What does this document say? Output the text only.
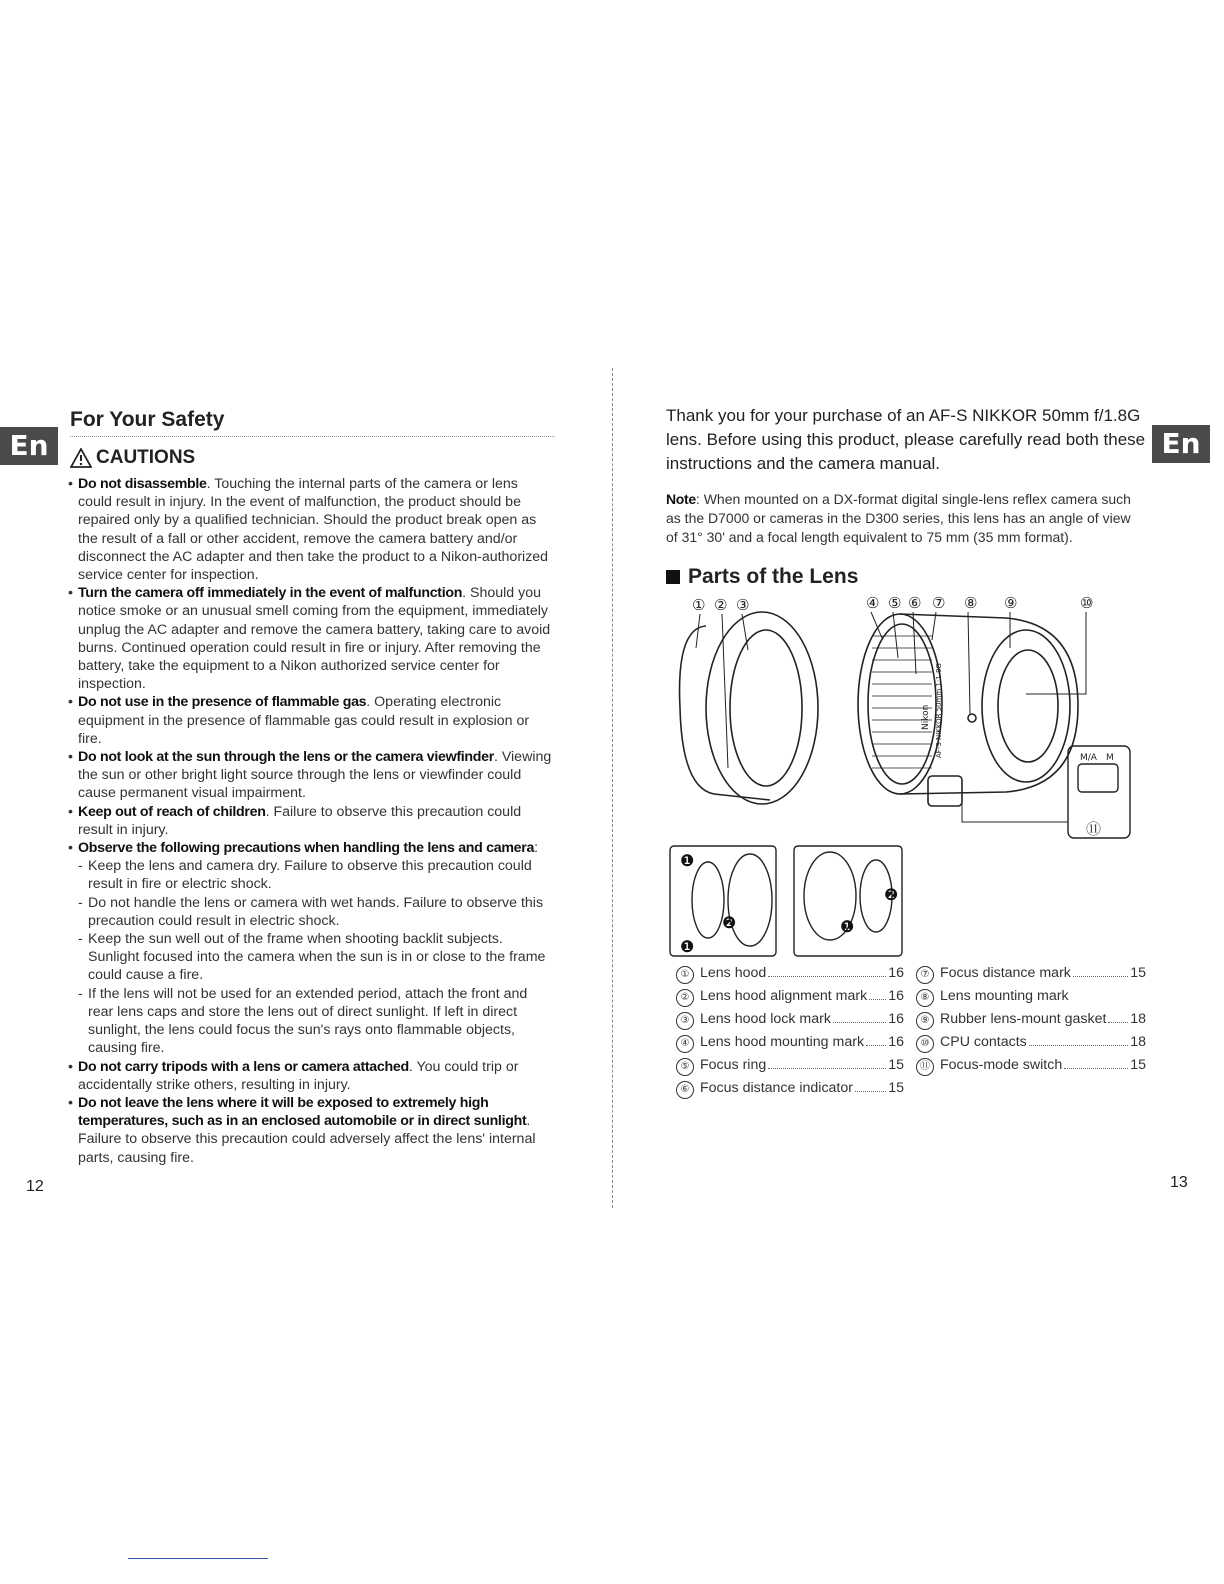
En	En
For Your Safety
CAUTIONS
• Do not disassemble. Touching the internal parts of the camera or lens could result in injury. In the event of malfunction, the product should be repaired only by a qualified technician. Should the product break open as the result of a fall or other accident, remove the camera battery and/or disconnect the AC adapter and then take the product to a Nikon-authorized service center for inspection.
• Turn the camera off immediately in the event of malfunction. Should you notice smoke or an unusual smell coming from the equipment, immediately unplug the AC adapter and remove the camera battery, taking care to avoid burns. Continued operation could result in fire or injury. After removing the battery, take the equipment to a Nikon authorized service center for inspection.
• Do not use in the presence of flammable gas. Operating electronic equipment in the presence of flammable gas could result in explosion or fire.
• Do not look at the sun through the lens or the camera viewfinder. Viewing the sun or other bright light source through the lens or viewfinder could cause permanent visual impairment.
• Keep out of reach of children. Failure to observe this precaution could result in injury.
• Observe the following precautions when handling the lens and camera:
- Keep the lens and camera dry. Failure to observe this precaution could result in fire or electric shock.
- Do not handle the lens or camera with wet hands. Failure to observe this precaution could result in electric shock.
- Keep the sun well out of the frame when shooting backlit subjects. Sunlight focused into the camera when the sun is in or close to the frame could cause a fire.
- If the lens will not be used for an extended period, attach the front and rear lens caps and store the lens out of direct sunlight. If left in direct sunlight, the lens could focus the sun's rays onto flammable objects, causing fire.
• Do not carry tripods with a lens or camera attached. You could trip or accidentally strike others, resulting in injury.
• Do not leave the lens where it will be exposed to extremely high temperatures, such as in an enclosed automobile or in direct sunlight. Failure to observe this precaution could adversely affect the lens' internal parts, causing fire.
12

Thank you for your purchase of an AF-S NIKKOR 50mm f/1.8G lens. Before using this product, please carefully read both these instructions and the camera manual.

Note: When mounted on a DX-format digital single-lens reflex camera such as the D7000 or cameras in the D300 series, this lens has an angle of view of 31° 30' and a focal length equivalent to 75 mm (35 mm format).

Parts of the Lens
① ② ③	④ ⑤ ⑥ ⑦ ⑧ ⑨	⑩
⑪
Nikon AF-S NIKKOR 50mm 1:1.8G	M/A M
❶
❶
❷	❶
❷
① Lens hood	16
② Lens hood alignment mark 16
③ Lens hood lock mark	16
④ Lens hood mounting mark 16
⑤ Focus ring	15
⑥ Focus distance indicator 15
⑦ Focus distance mark	15
⑧ Lens mounting mark
⑨ Rubber lens-mount gasket 18
⑩ CPU contacts	18
⑪ Focus-mode switch	15
13
